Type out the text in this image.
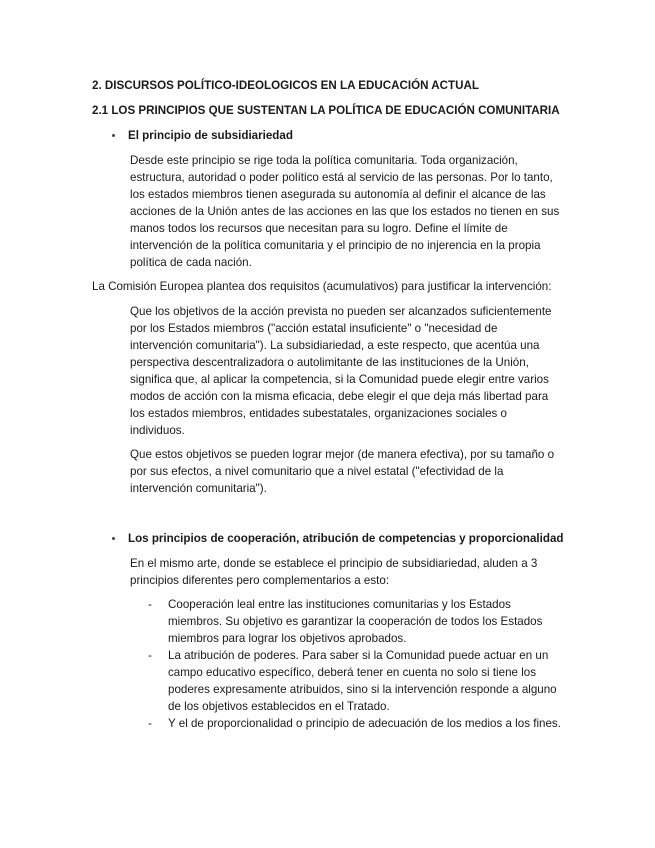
2. DISCURSOS POLÍTICO-IDEOLOGICOS EN LA EDUCACIÓN ACTUAL
2.1 LOS PRINCIPIOS QUE SUSTENTAN LA POLÍTICA DE EDUCACIÓN COMUNITARIA
El principio de subsidiariedad

Desde este principio se rige toda la política comunitaria. Toda organización, estructura, autoridad o poder político está al servicio de las personas. Por lo tanto, los estados miembros tienen asegurada su autonomía al definir el alcance de las acciones de la Unión antes de las acciones en las que los estados no tienen en sus manos todos los recursos que necesitan para su logro. Define el límite de intervención de la política comunitaria y el principio de no injerencia en la propia política de cada nación.

La Comisión Europea plantea dos requisitos (acumulativos) para justificar la intervención:

Que los objetivos de la acción prevista no pueden ser alcanzados suficientemente por los Estados miembros ("acción estatal insuficiente" o "necesidad de intervención comunitaria"). La subsidiariedad, a este respecto, que acentúa una perspectiva descentralizadora o autolimitante de las instituciones de la Unión, significa que, al aplicar la competencia, si la Comunidad puede elegir entre varios modos de acción con la misma eficacia, debe elegir el que deja más libertad para los estados miembros, entidades subestatales, organizaciones sociales o individuos.

Que estos objetivos se pueden lograr mejor (de manera efectiva), por su tamaño o por sus efectos, a nivel comunitario que a nivel estatal ("efectividad de la intervención comunitaria").

Los principios de cooperación, atribución de competencias y proporcionalidad

En el mismo arte, donde se establece el principio de subsidiariedad, aluden a 3 principios diferentes pero complementarios a esto:

- Cooperación leal entre las instituciones comunitarias y los Estados miembros. Su objetivo es garantizar la cooperación de todos los Estados miembros para lograr los objetivos aprobados.

- La atribución de poderes. Para saber si la Comunidad puede actuar en un campo educativo específico, deberá tener en cuenta no solo si tiene los poderes expresamente atribuidos, sino si la intervención responde a alguno de los objetivos establecidos en el Tratado.

- Y el de proporcionalidad o principio de adecuación de los medios a los fines.
